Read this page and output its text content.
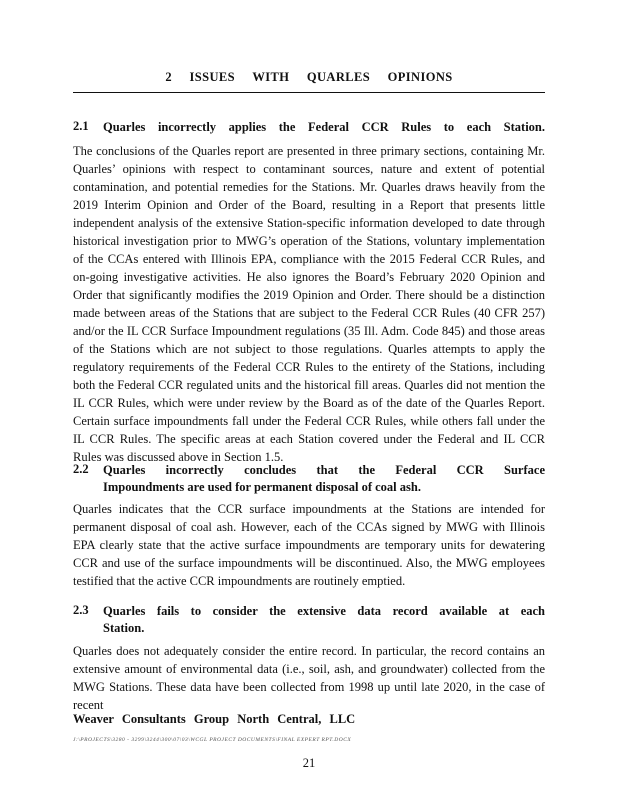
2 ISSUES WITH QUARLES OPINIONS
2.1 Quarles incorrectly applies the Federal CCR Rules to each Station.

The conclusions of the Quarles report are presented in three primary sections, containing Mr. Quarles’ opinions with respect to contaminant sources, nature and extent of potential contamination, and potential remedies for the Stations. Mr. Quarles draws heavily from the 2019 Interim Opinion and Order of the Board, resulting in a Report that presents little independent analysis of the extensive Station-specific information developed to date through historical investigation prior to MWG’s operation of the Stations, voluntary implementation of the CCAs entered with Illinois EPA, compliance with the 2015 Federal CCR Rules, and on-going investigative activities. He also ignores the Board’s February 2020 Opinion and Order that significantly modifies the 2019 Opinion and Order. There should be a distinction made between areas of the Stations that are subject to the Federal CCR Rules (40 CFR 257) and/or the IL CCR Surface Impoundment regulations (35 Ill. Adm. Code 845) and those areas of the Stations which are not subject to those regulations. Quarles attempts to apply the regulatory requirements of the Federal CCR Rules to the entirety of the Stations, including both the Federal CCR regulated units and the historical fill areas. Quarles did not mention the IL CCR Rules, which were under review by the Board as of the date of the Quarles Report. Certain surface impoundments fall under the Federal CCR Rules, while others fall under the IL CCR Rules. The specific areas at each Station covered under the Federal and IL CCR Rules was discussed above in Section 1.5.

2.2 Quarles incorrectly concludes that the Federal CCR Surface
Impoundments are used for permanent disposal of coal ash.

Quarles indicates that the CCR surface impoundments at the Stations are intended for permanent disposal of coal ash. However, each of the CCAs signed by MWG with Illinois EPA clearly state that the active surface impoundments are temporary units for dewatering CCR and use of the surface impoundments will be discontinued. Also, the MWG employees testified that the active CCR impoundments are routinely emptied.

2.3 Quarles fails to consider the extensive data record available at each
Station.

Quarles does not adequately consider the entire record. In particular, the record contains an extensive amount of environmental data (i.e., soil, ash, and groundwater) collected from the MWG Stations. These data have been collected from 1998 up until late 2020, in the case of recent

Weaver Consultants Group North Central, LLC
J:\PROJECTS\3280 - 3299\3244\300\07\03\WCGL PROJECT DOCUMENTS\FINAL EXPERT RPT.DOCX
21
